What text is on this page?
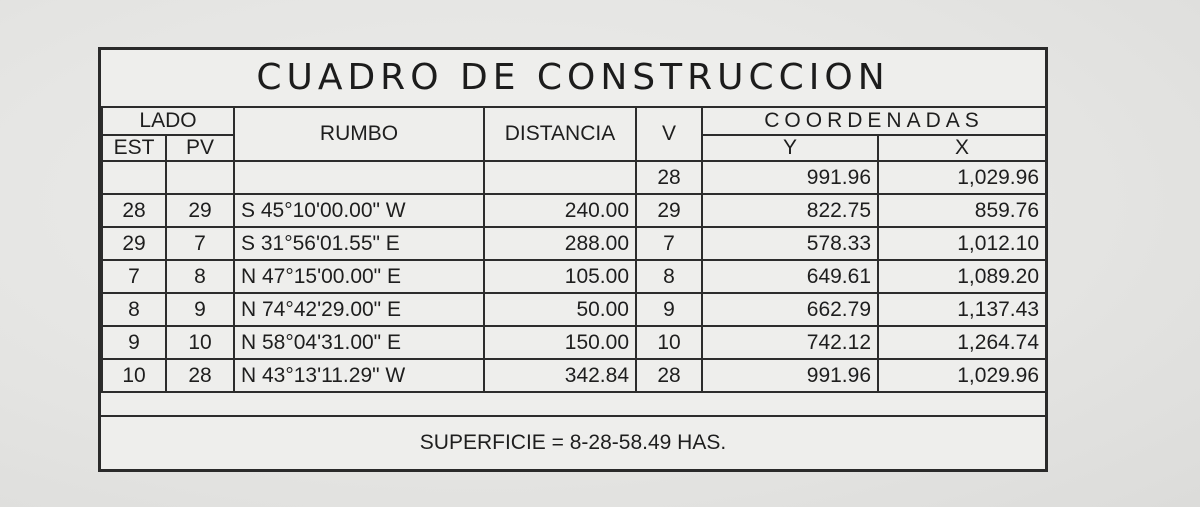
CUADRO DE CONSTRUCCION
LADO		RUMBO	DISTANCIA	V	COORDENADAS	
EST	PV				Y	X
				28	991.96	1,029.96
28	29	S 45°10'00.00" W	240.00	29	822.75	859.76
29	7	S 31°56'01.55" E	288.00	7	578.33	1,012.10
7	8	N 47°15'00.00" E	105.00	8	649.61	1,089.20
8	9	N 74°42'29.00" E	50.00	9	662.79	1,137.43
9	10	N 58°04'31.00" E	150.00	10	742.12	1,264.74
10	28	N 43°13'11.29" W	342.84	28	991.96	1,029.96
SUPERFICIE = 8-28-58.49 HAS.
